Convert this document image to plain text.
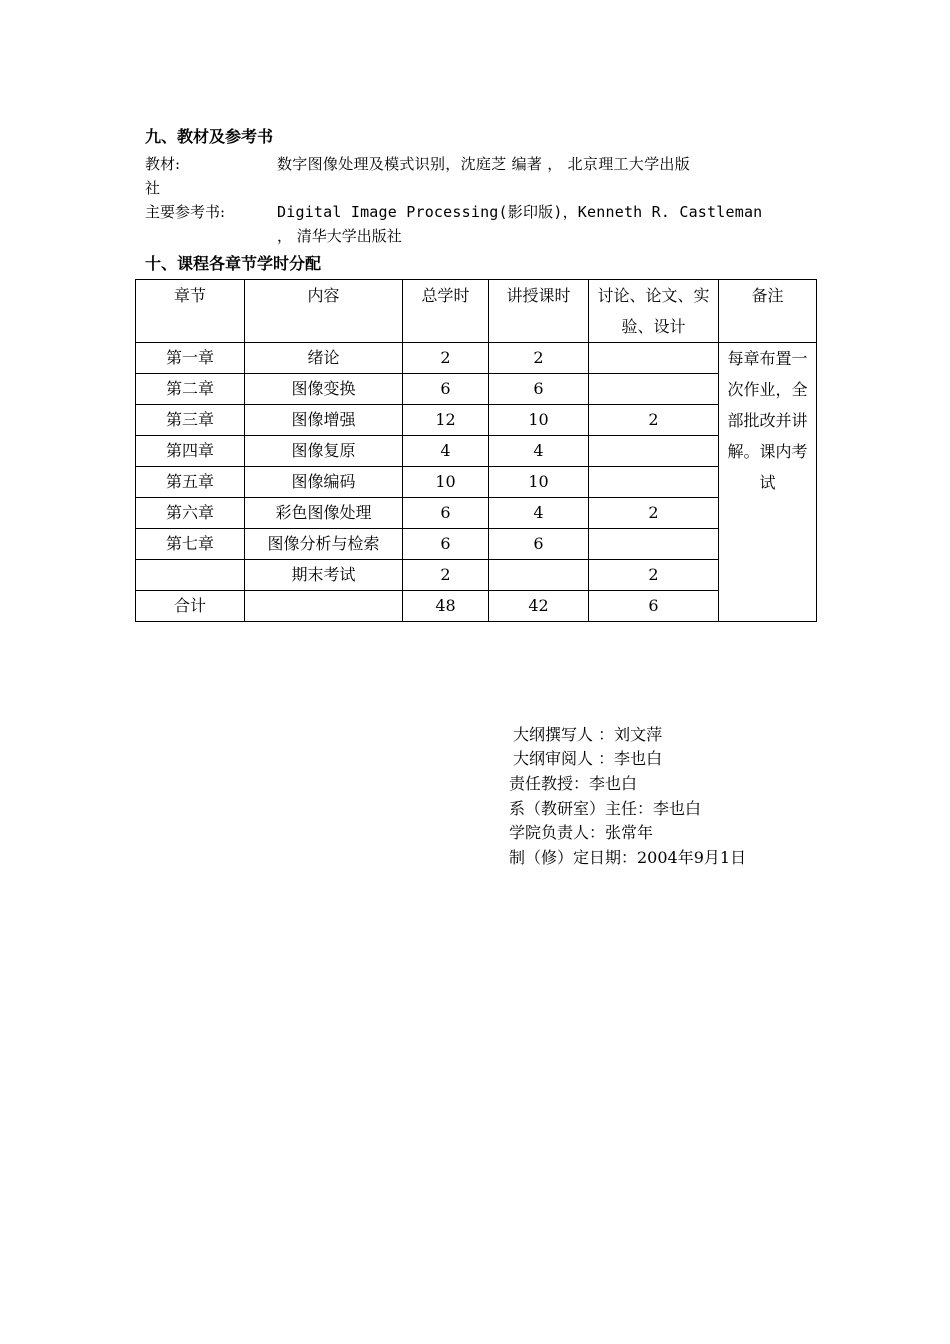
九、教材及参考书
教材:	数字图像处理及模式识别，沈庭芝 编著 ， 北京理工大学出版
社
主要参考书:	Digital Image Processing(影印版)，Kenneth R. Castleman
， 清华大学出版社
十、课程各章节学时分配
章节	内容	总学时	讲授课时	讨论、论文、实验、设计	备注
第一章	绪论	2	2		每章布置一次作业，全部批改并讲解。课内考试
第二章	图像变换	6	6		
第三章	图像增强	12	10	2	
第四章	图像复原	4	4		
第五章	图像编码	10	10		
第六章	彩色图像处理	6	4	2	
第七章	图像分析与检索	6	6		
	期末考试	2		2	
合计		48	42	6	
大纲撰写人 ：刘文萍
大纲审阅人 ：李也白
责任教授：李也白
系（教研室）主任：李也白
学院负责人：张常年
制（修）定日期：2004年9月1日
